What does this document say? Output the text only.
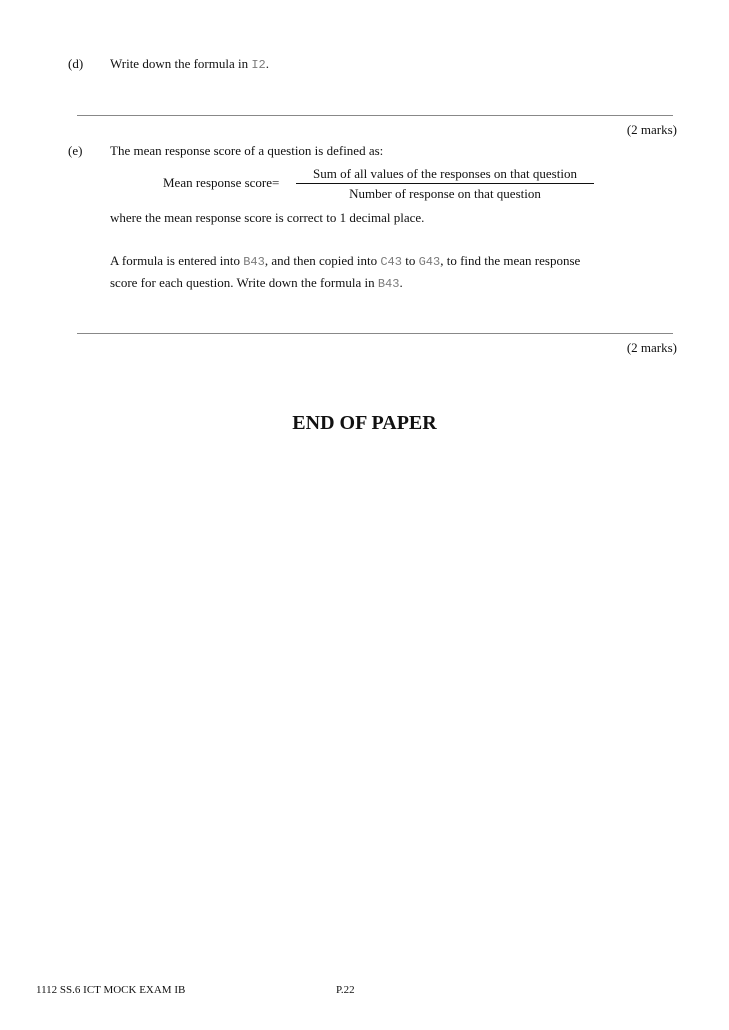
(d) Write down the formula in I2.
(2 marks)
(e) The mean response score of a question is defined as:
Mean response score=
Sum of all values of the responses on that question
Number of response on that question
where the mean response score is correct to 1 decimal place.
A formula is entered into B43, and then copied into C43 to G43, to find the mean response
score for each question. Write down the formula in B43.
(2 marks)
END OF PAPER
1112 SS.6 ICT MOCK EXAM IB	P.22
